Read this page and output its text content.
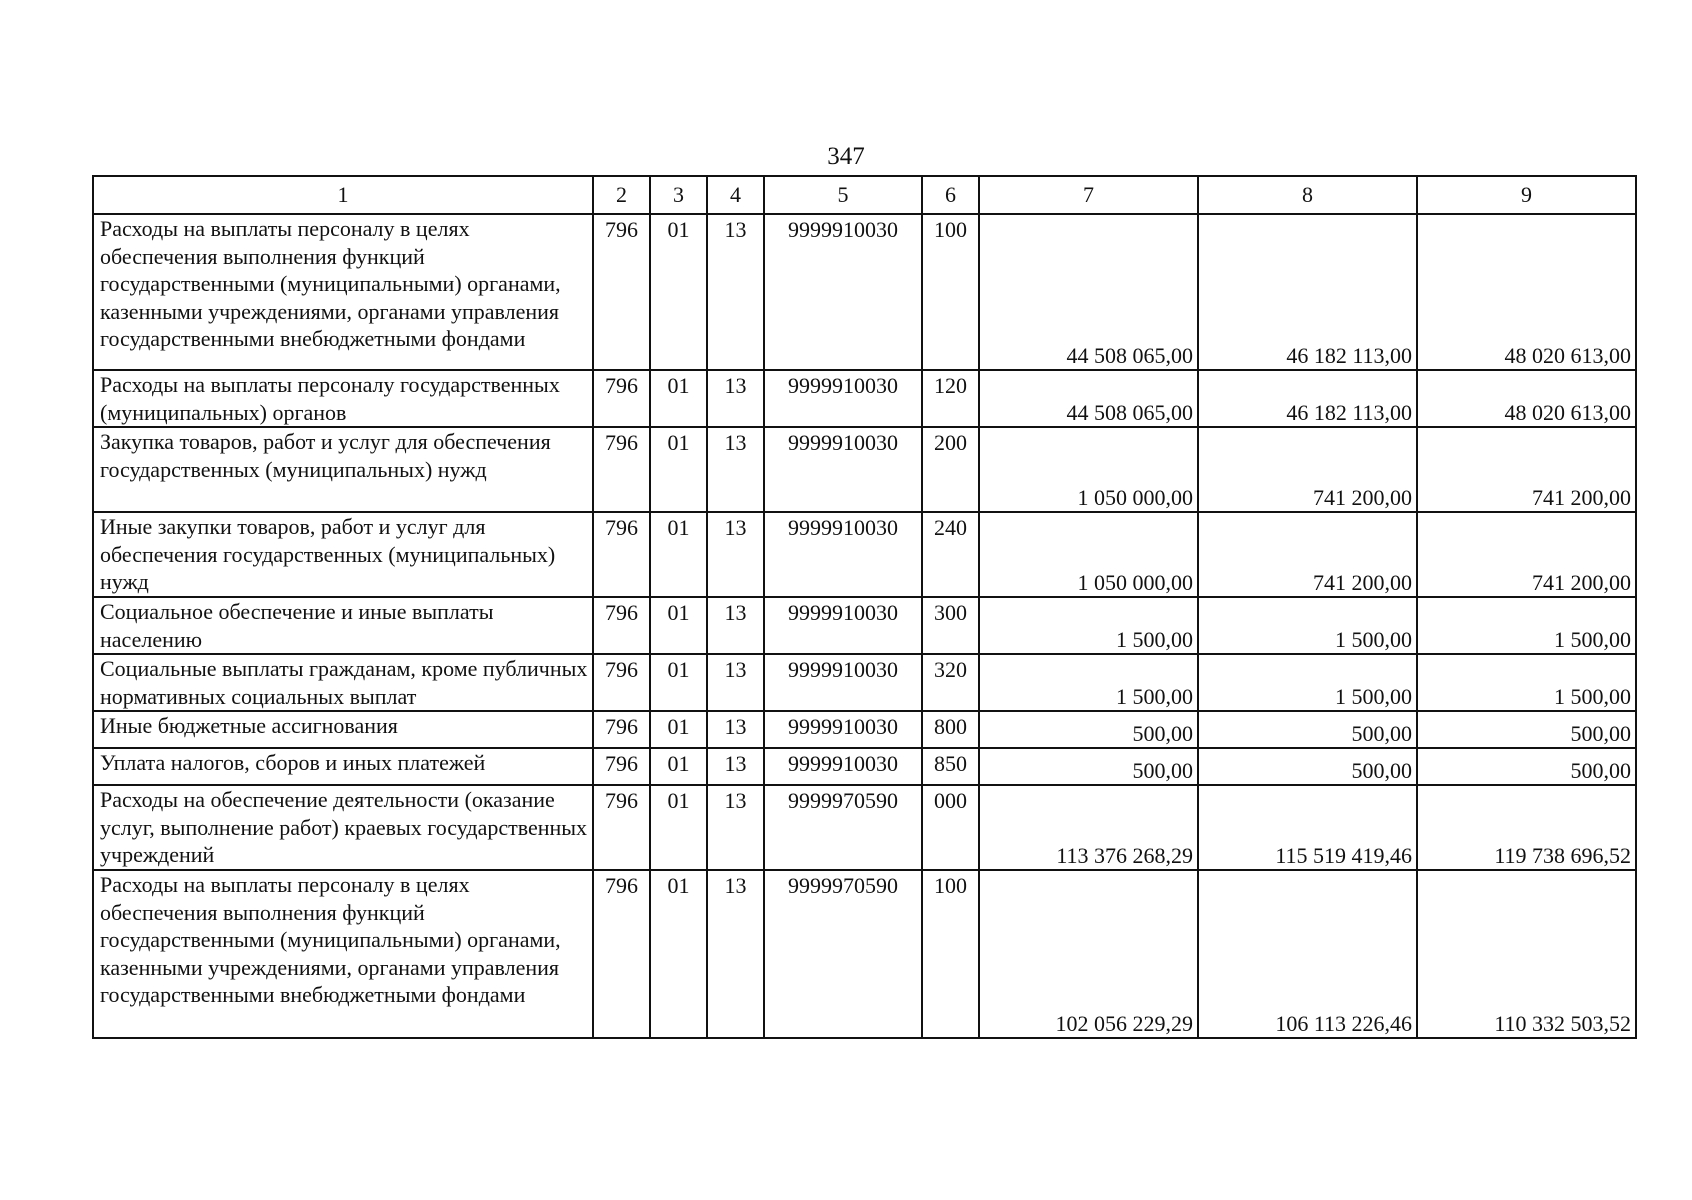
347
1	2	3	4	5	6	7	8	9
Расходы на выплаты персоналу в целях обеспечения выполнения функций государственными (муниципальными) органами, казенными учреждениями, органами управления государственными внебюджетными фондами	796	01	13	9999910030	100	44 508 065,00	46 182 113,00	48 020 613,00
Расходы на выплаты персоналу государственных (муниципальных) органов	796	01	13	9999910030	120	44 508 065,00	46 182 113,00	48 020 613,00
Закупка товаров, работ и услуг для обеспечения государственных (муниципальных) нужд	796	01	13	9999910030	200	1 050 000,00	741 200,00	741 200,00
Иные закупки товаров, работ и услуг для обеспечения государственных (муниципальных) нужд	796	01	13	9999910030	240	1 050 000,00	741 200,00	741 200,00
Социальное обеспечение и иные выплаты населению	796	01	13	9999910030	300	1 500,00	1 500,00	1 500,00
Социальные выплаты гражданам, кроме публичных нормативных социальных выплат	796	01	13	9999910030	320	1 500,00	1 500,00	1 500,00
Иные бюджетные ассигнования	796	01	13	9999910030	800	500,00	500,00	500,00
Уплата налогов, сборов и иных платежей	796	01	13	9999910030	850	500,00	500,00	500,00
Расходы на обеспечение деятельности (оказание услуг, выполнение работ) краевых государственных учреждений	796	01	13	9999970590	000	113 376 268,29	115 519 419,46	119 738 696,52
Расходы на выплаты персоналу в целях обеспечения выполнения функций государственными (муниципальными) органами, казенными учреждениями, органами управления государственными внебюджетными фондами	796	01	13	9999970590	100	102 056 229,29	106 113 226,46	110 332 503,52
